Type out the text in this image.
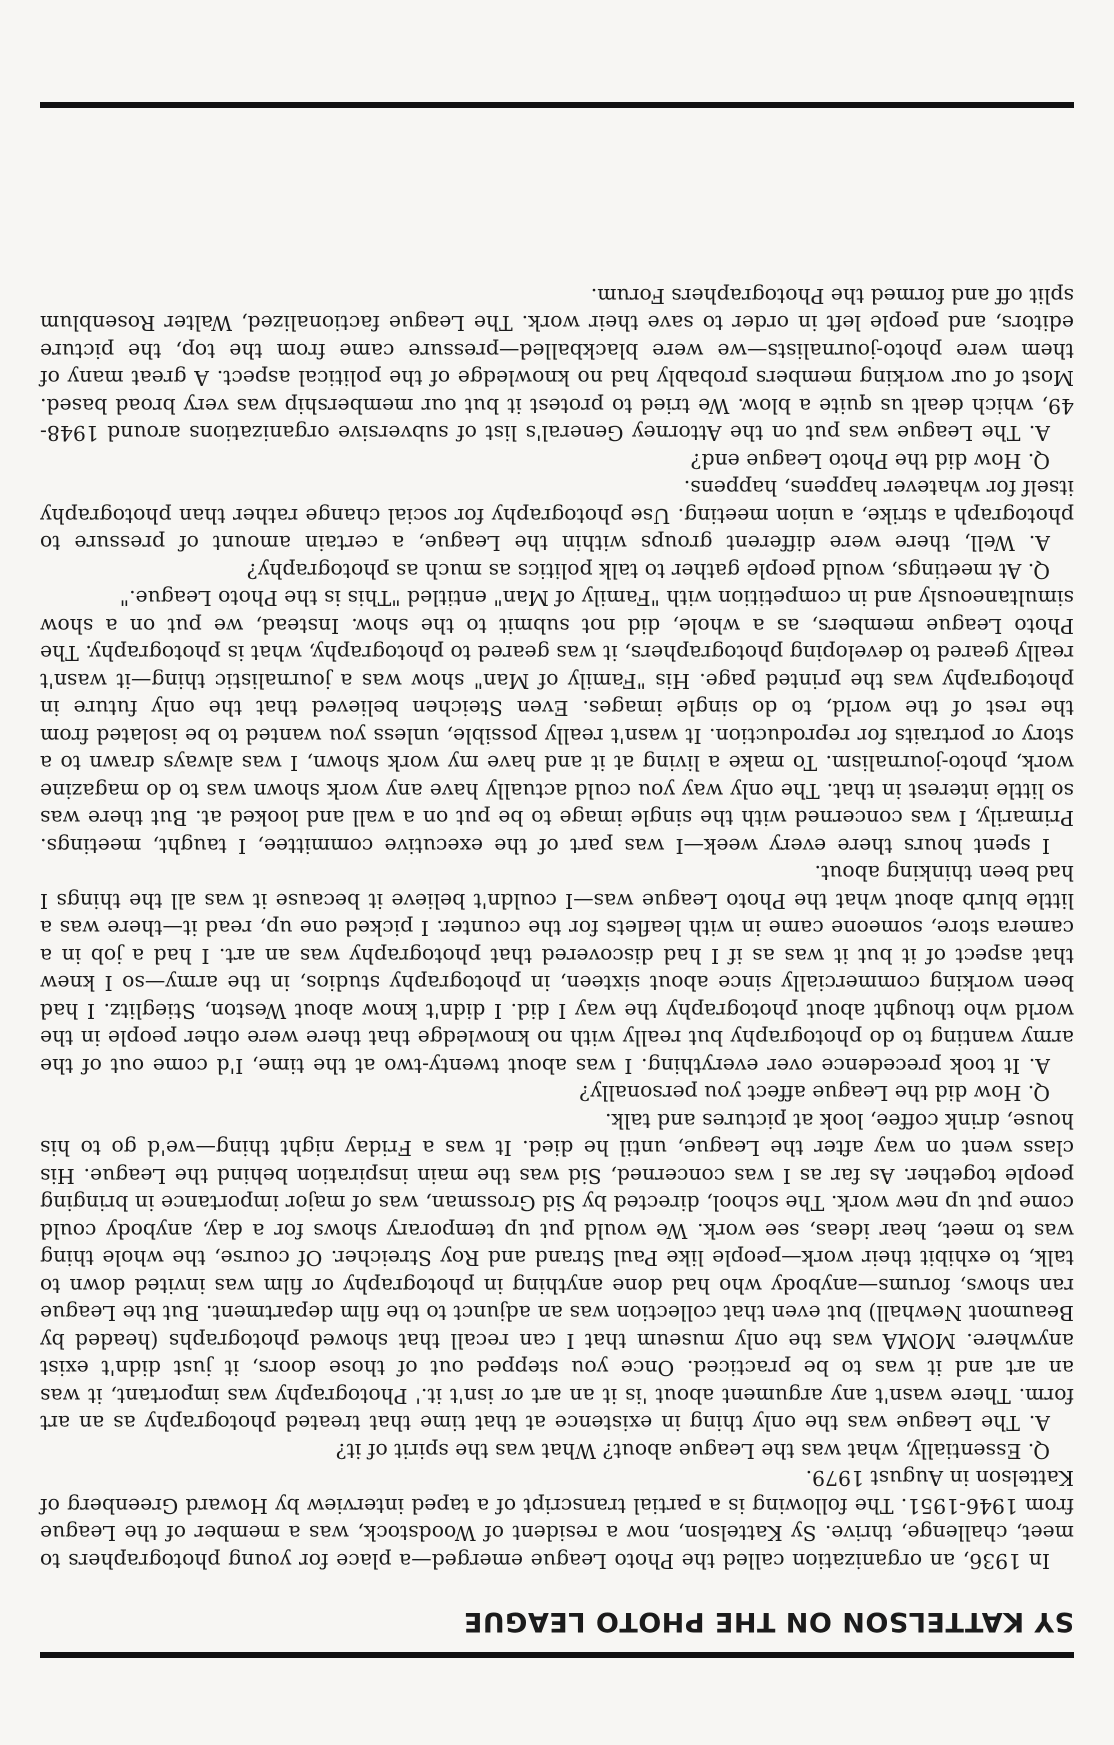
SY KATTELSON ON THE PHOTO LEAGUE

In 1936, an organization called the Photo League emerged—a place for young photographers to meet, challenge, thrive. Sy Kattelson, now a resident of Woodstock, was a member of the League from 1946-1951. The following is a partial transcript of a taped interview by Howard Greenberg of Kattelson in August 1979.

Q. Essentially, what was the League about? What was the spirit of it?

A. The League was the only thing in existence at that time that treated photography as an art form. There wasn't any argument about 'is it an art or isn't it.' Photography was important, it was an art and it was to be practiced. Once you stepped out of those doors, it just didn't exist anywhere. MOMA was the only museum that I can recall that showed photographs (headed by Beaumont Newhall) but even that collection was an adjunct to the film department. But the League ran shows, forums—anybody who had done anything in photography or film was invited down to talk, to exhibit their work—people like Paul Strand and Roy Streicher. Of course, the whole thing was to meet, hear ideas, see work. We would put up temporary shows for a day, anybody could come put up new work. The school, directed by Sid Grossman, was of major importance in bringing people together. As far as I was concerned, Sid was the main inspiration behind the League. His class went on way after the League, until he died. It was a Friday night thing—we'd go to his house, drink coffee, look at pictures and talk.

Q. How did the League affect you personally?

A. It took precedence over everything. I was about twenty-two at the time, I'd come out of the army wanting to do photography but really with no knowledge that there were other people in the world who thought about photography the way I did. I didn't know about Weston, Stieglitz. I had been working commercially since about sixteen, in photography studios, in the army—so I knew that aspect of it but it was as if I had discovered that photography was an art. I had a job in a camera store, someone came in with leaflets for the counter. I picked one up, read it—there was a little blurb about what the Photo League was—I couldn't believe it because it was all the things I had been thinking about.

I spent hours there every week—I was part of the executive committee, I taught, meetings. Primarily, I was concerned with the single image to be put on a wall and looked at. But there was so little interest in that. The only way you could actually have any work shown was to do magazine work, photo-journalism. To make a living at it and have my work shown, I was always drawn to a story or portraits for reproduction. It wasn't really possible, unless you wanted to be isolated from the rest of the world, to do single images. Even Steichen believed that the only future in photography was the printed page. His "Family of Man" show was a journalistic thing—it wasn't really geared to developing photographers, it was geared to photography, what is photography. The Photo League members, as a whole, did not submit to the show. Instead, we put on a show simultaneously and in competition with "Family of Man" entitled "This is the Photo League."

Q. At meetings, would people gather to talk politics as much as photography?

A. Well, there were different groups within the League, a certain amount of pressure to photograph a strike, a union meeting. Use photography for social change rather than photography itself for whatever happens, happens.

Q. How did the Photo League end?

A. The League was put on the Attorney General's list of subversive organizations around 1948-49, which dealt us quite a blow. We tried to protest it but our membership was very broad based. Most of our working members probably had no knowledge of the political aspect. A great many of them were photo-journalists—we were blackballed—pressure came from the top, the picture editors, and people left in order to save their work. The League factionalized, Walter Rosenblum split off and formed the Photographers Forum.
